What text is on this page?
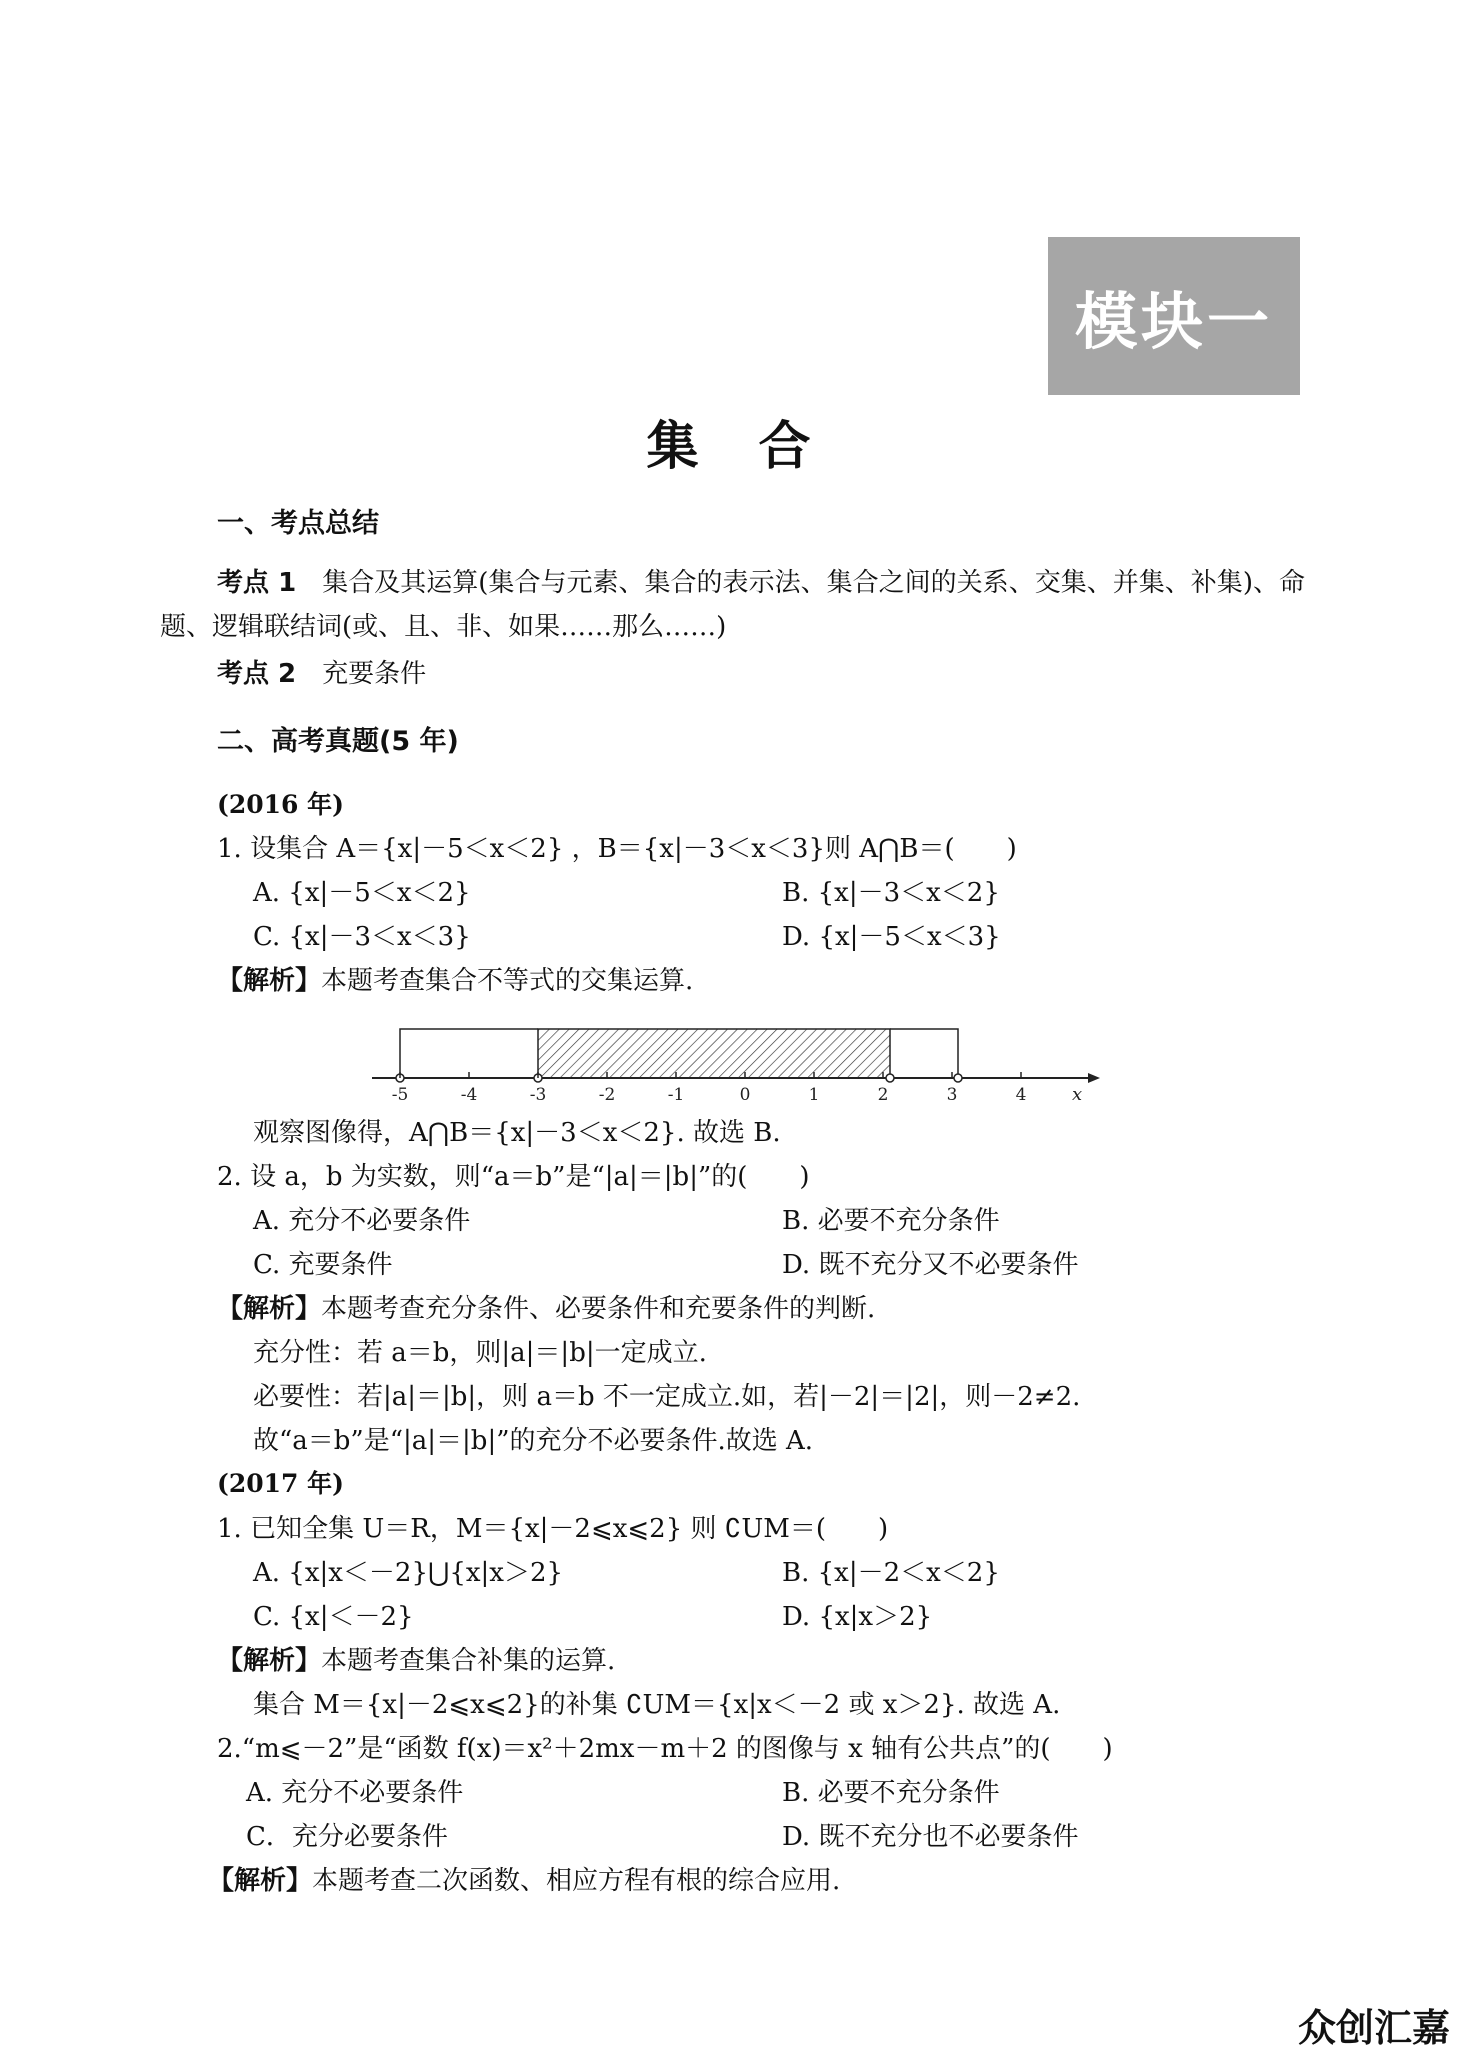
模块一
集合
一、考点总结
考点 1 集合及其运算(集合与元素、集合的表示法、集合之间的关系、交集、并集、补集)、命题、逻辑联结词(或、且、非、如果……那么……)
考点 2 充要条件
二、高考真题(5 年)
(2016 年)
1. 设集合 A＝{x|－5＜x＜2} ，B＝{x|－3＜x＜3}则 A⋂B＝(　　)
A. {x|－5＜x＜2}	B. {x|－3＜x＜2}
C. {x|－3＜x＜3}	D. {x|－5＜x＜3}
【解析】本题考查集合不等式的交集运算.
-5	-4	-3	-2	-1	0	1	2	3	4	x
观察图像得，A⋂B＝{x|－3＜x＜2}. 故选 B.
2. 设 a，b 为实数，则“a＝b”是“|a|＝|b|”的(　　)
A. 充分不必要条件	B. 必要不充分条件
C. 充要条件	D. 既不充分又不必要条件
【解析】本题考查充分条件、必要条件和充要条件的判断.
充分性：若 a＝b，则|a|＝|b|一定成立.
必要性：若|a|＝|b|，则 a＝b 不一定成立.如，若|－2|＝|2|，则－2≠2.
故“a＝b”是“|a|＝|b|”的充分不必要条件.故选 A.
(2017 年)
1. 已知全集 U＝R，M＝{x|－2⩽x⩽2} 则 ∁UM＝(　　)
A. {x|x＜－2}⋃{x|x＞2}	B. {x|－2＜x＜2}
C. {x|＜－2}	D. {x|x＞2}
【解析】本题考查集合补集的运算.
集合 M＝{x|－2⩽x⩽2}的补集 ∁UM＝{x|x＜－2 或 x＞2}. 故选 A.
2.“m⩽－2”是“函数 f(x)＝x²＋2mx－m＋2 的图像与 x 轴有公共点”的(　　)
A. 充分不必要条件	B. 必要不充分条件
C．充分必要条件	D. 既不充分也不必要条件
【解析】本题考查二次函数、相应方程有根的综合应用.
众创汇嘉
